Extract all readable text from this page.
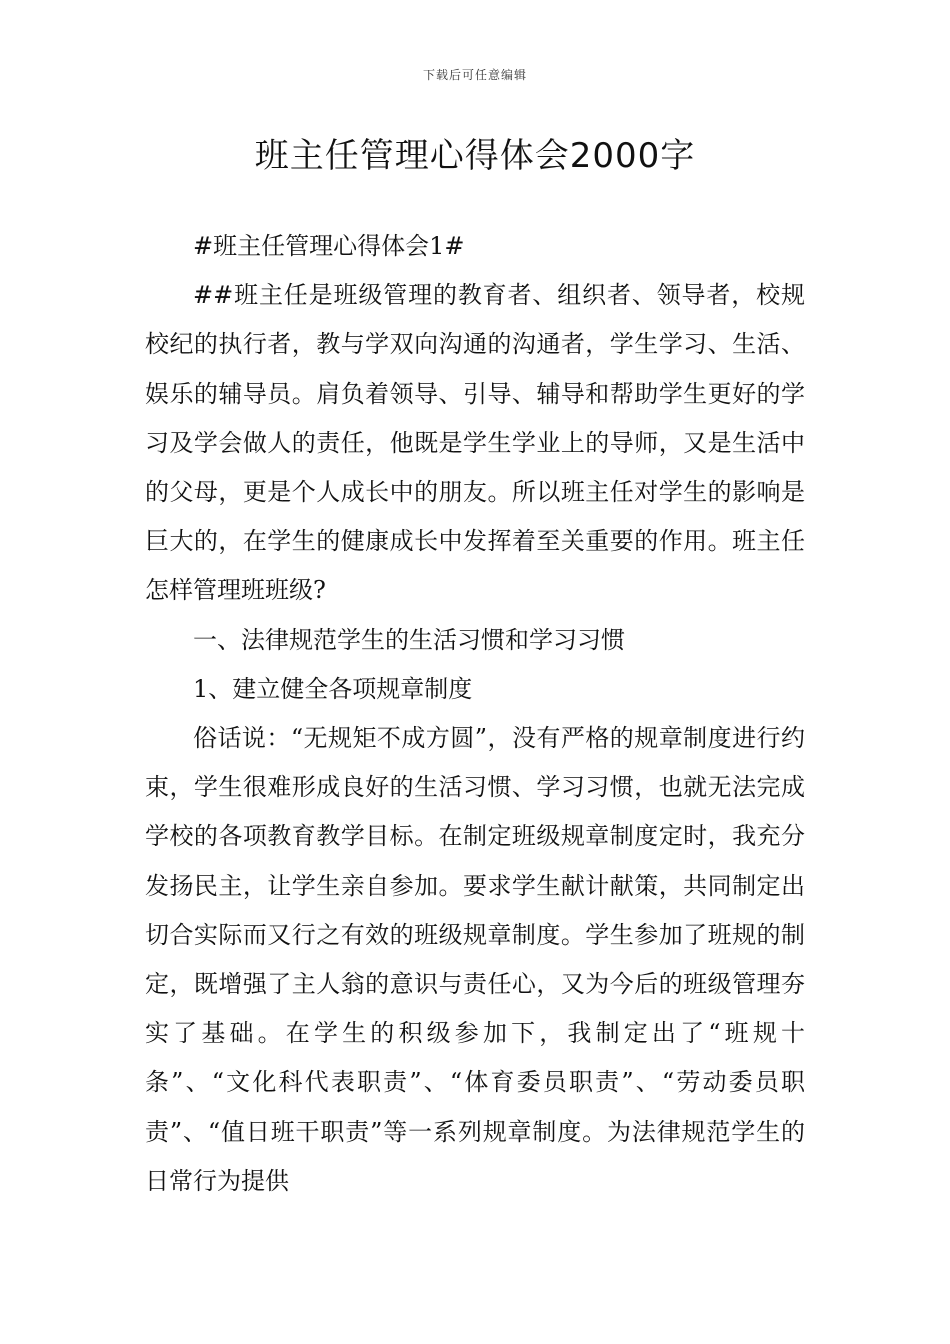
下载后可任意编辑
班主任管理心得体会2000字

#班主任管理心得体会1#

##班主任是班级管理的教育者、组织者、领导者，校规校纪的执行者，教与学双向沟通的沟通者，学生学习、生活、娱乐的辅导员。肩负着领导、引导、辅导和帮助学生更好的学习及学会做人的责任，他既是学生学业上的导师，又是生活中的父母，更是个人成长中的朋友。所以班主任对学生的影响是巨大的，在学生的健康成长中发挥着至关重要的作用。班主任怎样管理班班级?

一、法律规范学生的生活习惯和学习习惯

1、建立健全各项规章制度

俗话说：“无规矩不成方圆”，没有严格的规章制度进行约束，学生很难形成良好的生活习惯、学习习惯，也就无法完成学校的各项教育教学目标。在制定班级规章制度定时，我充分发扬民主，让学生亲自参加。要求学生献计献策，共同制定出切合实际而又行之有效的班级规章制度。学生参加了班规的制定，既增强了主人翁的意识与责任心，又为今后的班级管理夯实了基础。在学生的积级参加下，我制定出了“班规十条”、“文化科代表职责”、“体育委员职责”、“劳动委员职责”、“值日班干职责”等一系列规章制度。为法律规范学生的日常行为提供
